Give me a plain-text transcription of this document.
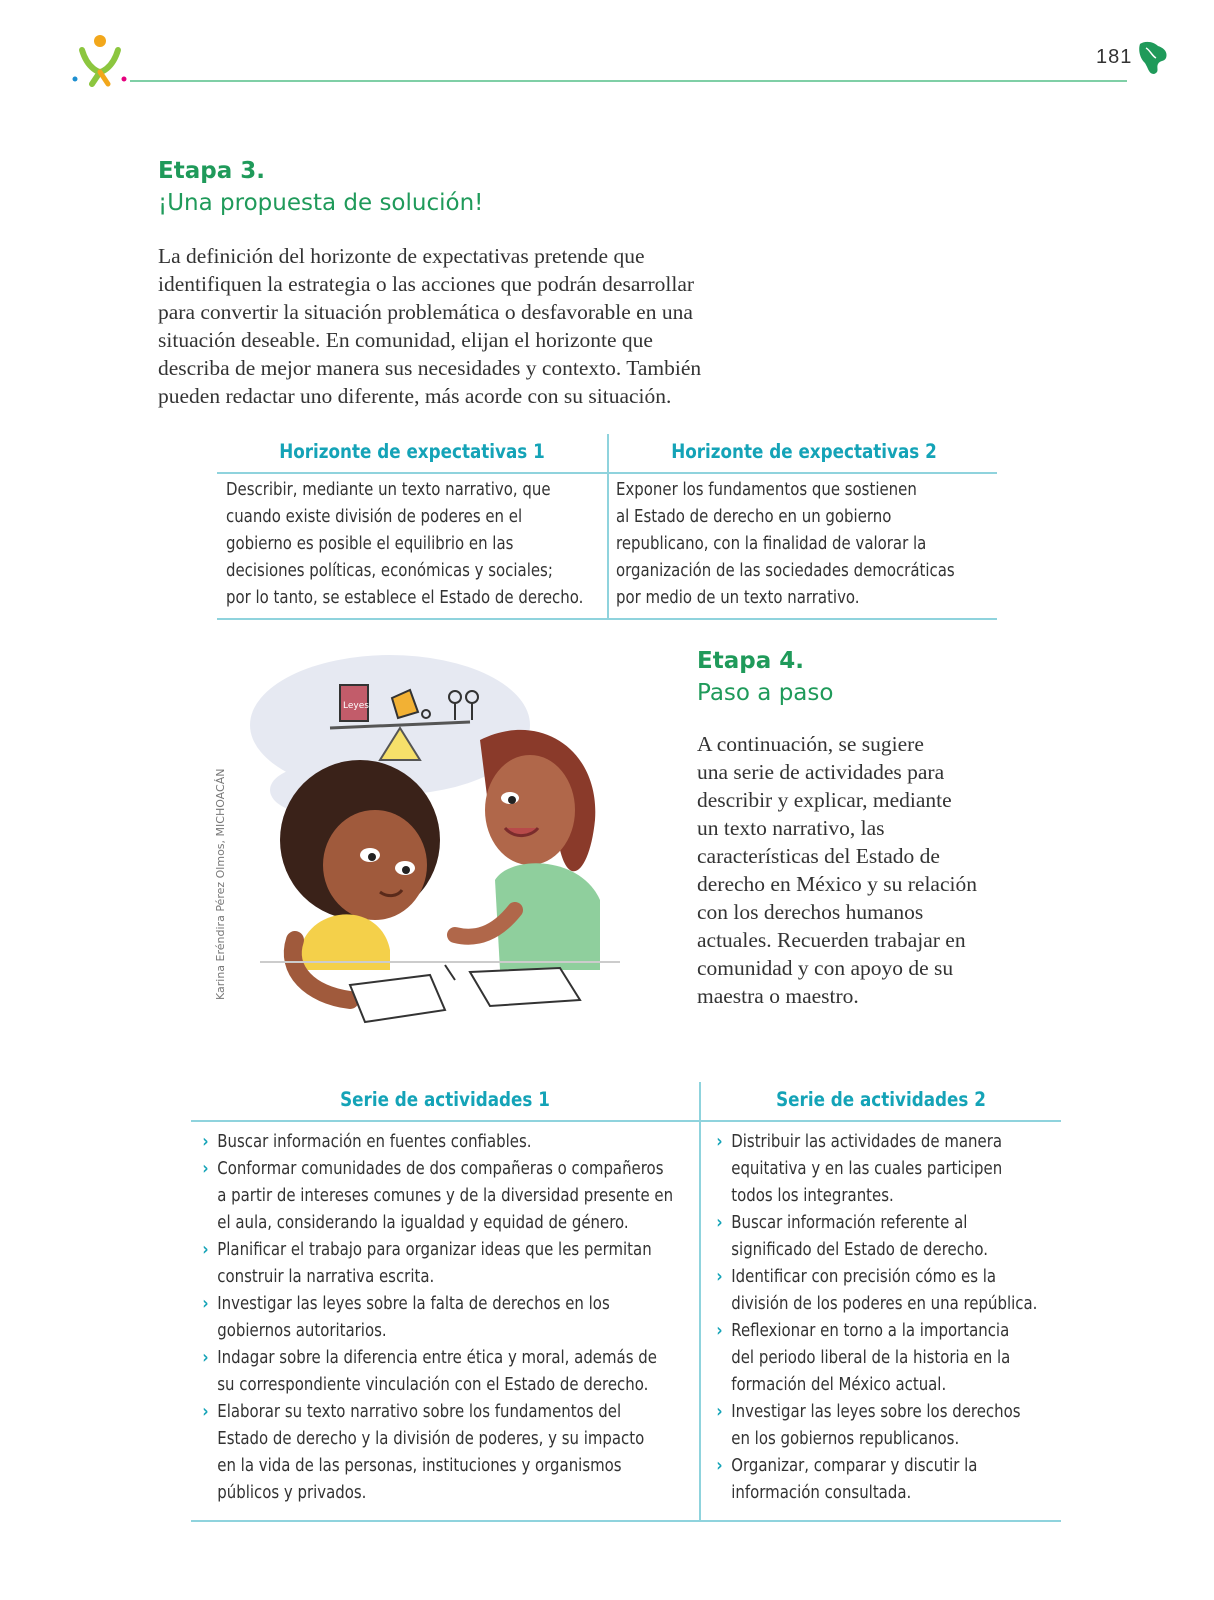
181
Etapa 3.
¡Una propuesta de solución!
La definición del horizonte de expectativas pretende que
identifiquen la estrategia o las acciones que podrán desarrollar
para convertir la situación problemática o desfavorable en una
situación deseable. En comunidad, elijan el horizonte que
describa de mejor manera sus necesidades y contexto. También
pueden redactar uno diferente, más acorde con su situación.
Horizonte de expectativas 1	Horizonte de expectativas 2
Describir, mediante un texto narrativo, que
cuando existe división de poderes en el
gobierno es posible el equilibrio en las
decisiones políticas, económicas y sociales;
por lo tanto, se establece el Estado de derecho.
Exponer los fundamentos que sostienen
al Estado de derecho en un gobierno
republicano, con la finalidad de valorar la
organización de las sociedades democráticas
por medio de un texto narrativo.
Karina Eréndira Pérez Olmos, MICHOACÁN
Leyes
Etapa 4.
Paso a paso
A continuación, se sugiere
una serie de actividades para
describir y explicar, mediante
un texto narrativo, las
características del Estado de
derecho en México y su relación
con los derechos humanos
actuales. Recuerden trabajar en
comunidad y con apoyo de su
maestra o maestro.
Serie de actividades 1	Serie de actividades 2
› Buscar información en fuentes confiables.
› Conformar comunidades de dos compañeras o compañeros
a partir de intereses comunes y de la diversidad presente en
el aula, considerando la igualdad y equidad de género.
› Planificar el trabajo para organizar ideas que les permitan
construir la narrativa escrita.
› Investigar las leyes sobre la falta de derechos en los
gobiernos autoritarios.
› Indagar sobre la diferencia entre ética y moral, además de
su correspondiente vinculación con el Estado de derecho.
› Elaborar su texto narrativo sobre los fundamentos del
Estado de derecho y la división de poderes, y su impacto
en la vida de las personas, instituciones y organismos
públicos y privados.
› Distribuir las actividades de manera
equitativa y en las cuales participen
todos los integrantes.
› Buscar información referente al
significado del Estado de derecho.
› Identificar con precisión cómo es la
división de los poderes en una república.
› Reflexionar en torno a la importancia
del periodo liberal de la historia en la
formación del México actual.
› Investigar las leyes sobre los derechos
en los gobiernos republicanos.
› Organizar, comparar y discutir la
información consultada.
